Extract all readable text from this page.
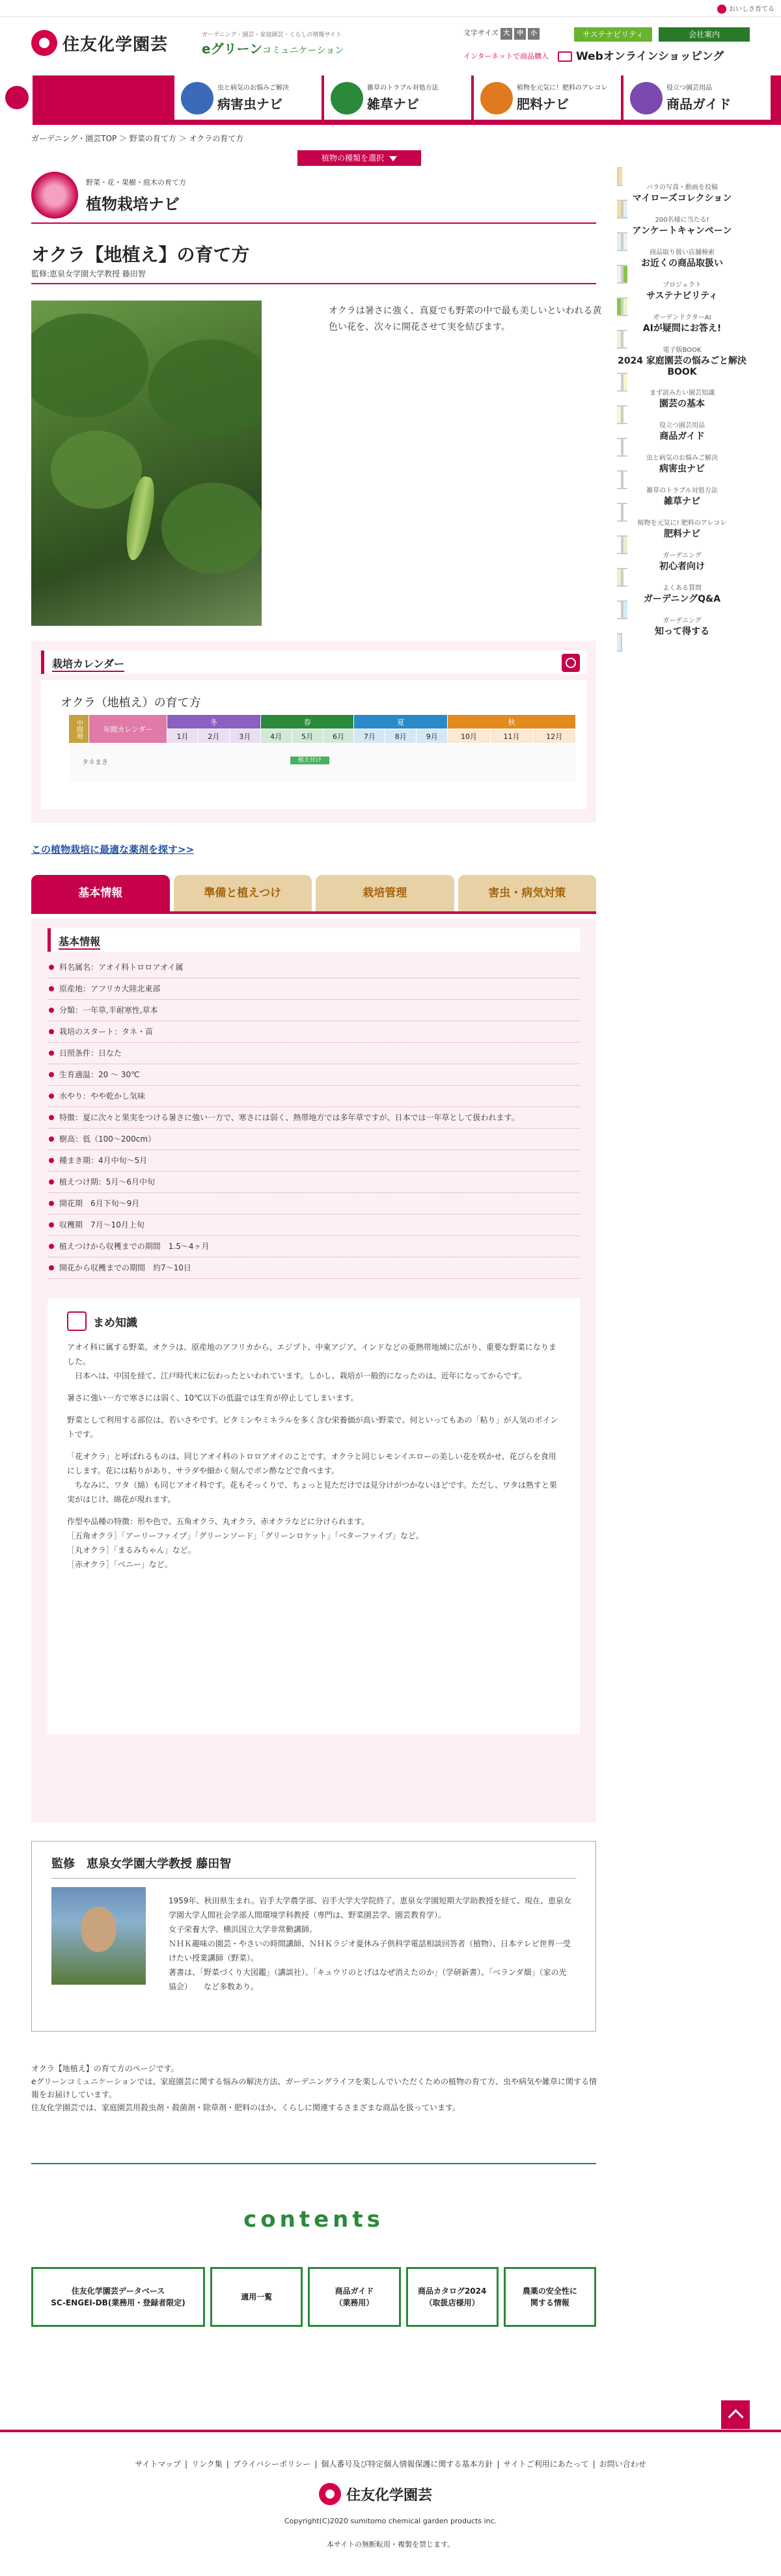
おいしさ育てる
住友化学園芸	ガーデニング・園芸・家庭園芸・くらしの情報サイト
eグリーンコミュニケーション
文字サイズ 大 中 小	サステナビリティ	会社案内
インターネットで商品購入	Webオンラインショッピング
虫と病気のお悩みご解決
病害虫ナビ
雑草のトラブル対処方法
雑草ナビ
植物を元気に！肥料のアレコレ
肥料ナビ
役立つ園芸用品
商品ガイド
ガーデニング・園芸TOP ＞ 野菜の育て方 ＞ オクラの育て方
植物の種類を選択
野菜・花・果樹・庭木の育て方
植物栽培ナビ
オクラ【地植え】の育て方
監修:恵泉女学園大学教授 藤田智
オクラは暑さに強く、真夏でも野菜の中で最も美しいといわれる黄色い花を、次々に開花させて実を結びます。
栽培カレンダー
オクラ（地植え）の育て方
中間地	年間カレンダー	冬			春			夏			秋		
		1月	2月	3月	4月	5月	6月	7月	8月	9月	10月	11月	12月

タネまき 植え付け													
この植物栽培に最適な薬剤を探す>>
基本情報	準備と植えつけ	栽培管理	害虫・病気対策
基本情報
科名属名：アオイ科トロロアオイ属
原産地：アフリカ大陸北東部
分類：一年草,半耐寒性,草本
栽培のスタート：タネ・苗
日照条件：日なた
生育適温：20 ～ 30℃
水やり：やや乾かし気味
特徴：夏に次々と果実をつける暑さに強い一方で、寒さには弱く、熱帯地方では多年草ですが、日本では一年草として扱われます。
樹高：低（100～200cm）
種まき期：4月中旬～5月
植えつけ期：5月～6月中旬
開花期　6月下旬～9月
収穫期　7月～10月上旬
植えつけから収穫までの期間　1.5～4ヶ月
開花から収穫までの期間　約7～10日
まめ知識

アオイ科に属する野菜。オクラは、原産地のアフリカから、エジプト、中東アジア、インドなどの亜熱帯地域に広がり、重要な野菜になりました。
　日本へは、中国を経て、江戸時代末に伝わったといわれています。しかし、栽培が一般的になったのは、近年になってからです。

暑さに強い一方で寒さには弱く、10℃以下の低温では生育が停止してしまいます。

野菜として利用する部位は、若いさやです。ビタミンやミネラルを多く含む栄養価が高い野菜で、何といってもあの「粘り」が人気のポイントです。

「花オクラ」と呼ばれるものは、同じアオイ科のトロロアオイのことです。オクラと同じレモンイエローの美しい花を咲かせ、花びらを食用にします。花には粘りがあり、サラダや細かく刻んでポン酢などで食べます。
　ちなみに、ワタ（綿）も同じアオイ科です。花もそっくりで、ちょっと見ただけでは見分けがつかないほどです。ただし、ワタは熟すと果実がはじけ、綿花が現れます。

作型や品種の特徴：形や色で、五角オクラ、丸オクラ、赤オクラなどに分けられます。
［五角オクラ］「アーリーファイブ」「グリーンソード」「グリーンロケット」「ベターファイブ」など。
［丸オクラ］「まるみちゃん」など。
［赤オクラ］「ベニー」など。

監修　恵泉女学園大学教授 藤田智
1959年、秋田県生まれ。岩手大学農学部、岩手大学大学院終了。恵泉女学園短期大学助教授を経て、現在、恵泉女学園大学人間社会学部人間環境学科教授（専門は、野菜園芸学、園芸教育学）。
女子栄養大学、横浜国立大学非常勤講師。
ＮＨＫ趣味の園芸・やさいの時間講師、ＮＨＫラジオ夏休み子供科学電話相談回答者（植物）、日本テレビ世界一受けたい授業講師（野菜）。
著書は、「野菜づくり大図鑑」（講談社）、「キュウリのとげはなぜ消えたのか」（学研新書）、「ベランダ畑」（家の光協会）　　など多数あり。
オクラ【地植え】の育て方のページです。
eグリーンコミュニケーションでは、家庭園芸に関する悩みの解決方法、ガーデニングライフを楽しんでいただくための植物の育て方、虫や病気や雑草に関する情報をお届けしています。
住友化学園芸では、家庭園芸用殺虫剤・殺菌剤・除草剤・肥料のほか、くらしに関連するさまざまな商品を扱っています。
contents
住友化学園芸データベース
SC-ENGEI-DB(業務用・登録者限定)
適用一覧
商品ガイド
（業務用）
商品カタログ2024
（取扱店様用）
農薬の安全性に
関する情報
サイトマップ | リンク集 | プライバシーポリシー | 個人番号及び特定個人情報保護に関する基本方針 | サイトご利用にあたって | お問い合わせ
住友化学園芸
Copyright(C)2020 sumitomo chemical garden products inc.
本サイトの無断転用・複製を禁じます。
バラの写真・動画を投稿
マイローズコレクション
200名様に当たる!
アンケートキャンペーン
商品取り扱い店舗検索
お近くの商品取扱い
プロジェクト
サステナビリティ
ガーデンドクターAI
AIが疑問にお答え!
電子版BOOK
2024 家庭園芸の悩みごと解決BOOK
まず読みたい園芸知識
園芸の基本
役立つ園芸用品
商品ガイド
虫と病気のお悩みご解決
病害虫ナビ
雑草のトラブル対処方法
雑草ナビ
植物を元気に! 肥料のアレコレ
肥料ナビ
ガーデニング
初心者向け
よくある質問
ガーデニングQ&A
ガーデニング
知って得する
